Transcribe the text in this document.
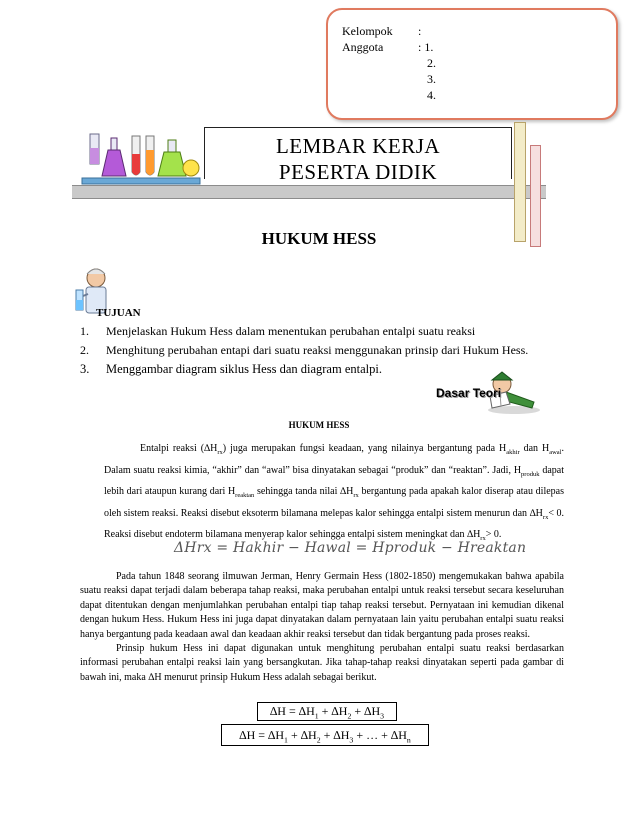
Kelompok :
Anggota	: 1.
2.
3.
4.
LEMBAR KERJA
PESERTA DIDIK
HUKUM HESS
TUJUAN
1. Menjelaskan Hukum Hess dalam menentukan perubahan entalpi suatu reaksi
2. Menghitung perubahan entapi dari suatu reaksi menggunakan prinsip dari Hukum Hess.
3. Menggambar diagram siklus Hess dan diagram entalpi.
Dasar Teori
HUKUM HESS
Entalpi reaksi $(\Delta H_{rx})$ juga merupakan fungsi keadaan, yang nilainya bergantung pada $H_{akhir}$ dan $H_{awal}$. Dalam suatu reaksi kimia, “akhir” dan “awal” bisa dinyatakan sebagai “produk” dan “reaktan”. Jadi, $H_{produk}$ dapat lebih dari ataupun kurang dari $H_{reaktan}$ sehingga tanda nilai $\Delta H_{rx}$ bergantung pada apakah kalor diserap atau dilepas oleh sistem reaksi. Reaksi disebut eksoterm bilamana melepas kalor sehingga entalpi sistem menurun dan $\Delta H_{rx}< 0$. Reaksi disebut endoterm bilamana menyerap kalor sehingga entalpi sistem meningkat dan $\Delta H_{rx}> 0$.
ΔHrx = Hakhir − Hawal = Hproduk − Hreaktan

Pada tahun 1848 seorang ilmuwan Jerman, Henry Germain Hess (1802-1850) mengemukakan bahwa apabila suatu reaksi dapat terjadi dalam beberapa tahap reaksi, maka perubahan entalpi untuk reaksi tersebut secara keseluruhan dapat ditentukan dengan menjumlahkan perubahan entalpi tiap tahap reaksi tersebut. Pernyataan ini kemudian dikenal dengan hukum Hess. Hukum Hess ini juga dapat dinyatakan dalam pernyataan lain yaitu perubahan entalpi suatu reaksi hanya bergantung pada keadaan awal dan keadaan akhir reaksi tersebut dan tidak bergantung pada proses reaksi.

Prinsip hukum Hess ini dapat digunakan untuk menghitung perubahan entalpi suatu reaksi berdasarkan informasi perubahan entalpi reaksi lain yang bersangkutan. Jika tahap-tahap reaksi dinyatakan seperti pada gambar di bawah ini, maka ∆H menurut prinsip Hukum Hess adalah sebagai berikut.

$\Delta H = \Delta H_1 + \Delta H_2 + \Delta H_3$
$\Delta H = \Delta H_1 + \Delta H_2 + \Delta H_3$ + … + $\Delta H_n$
